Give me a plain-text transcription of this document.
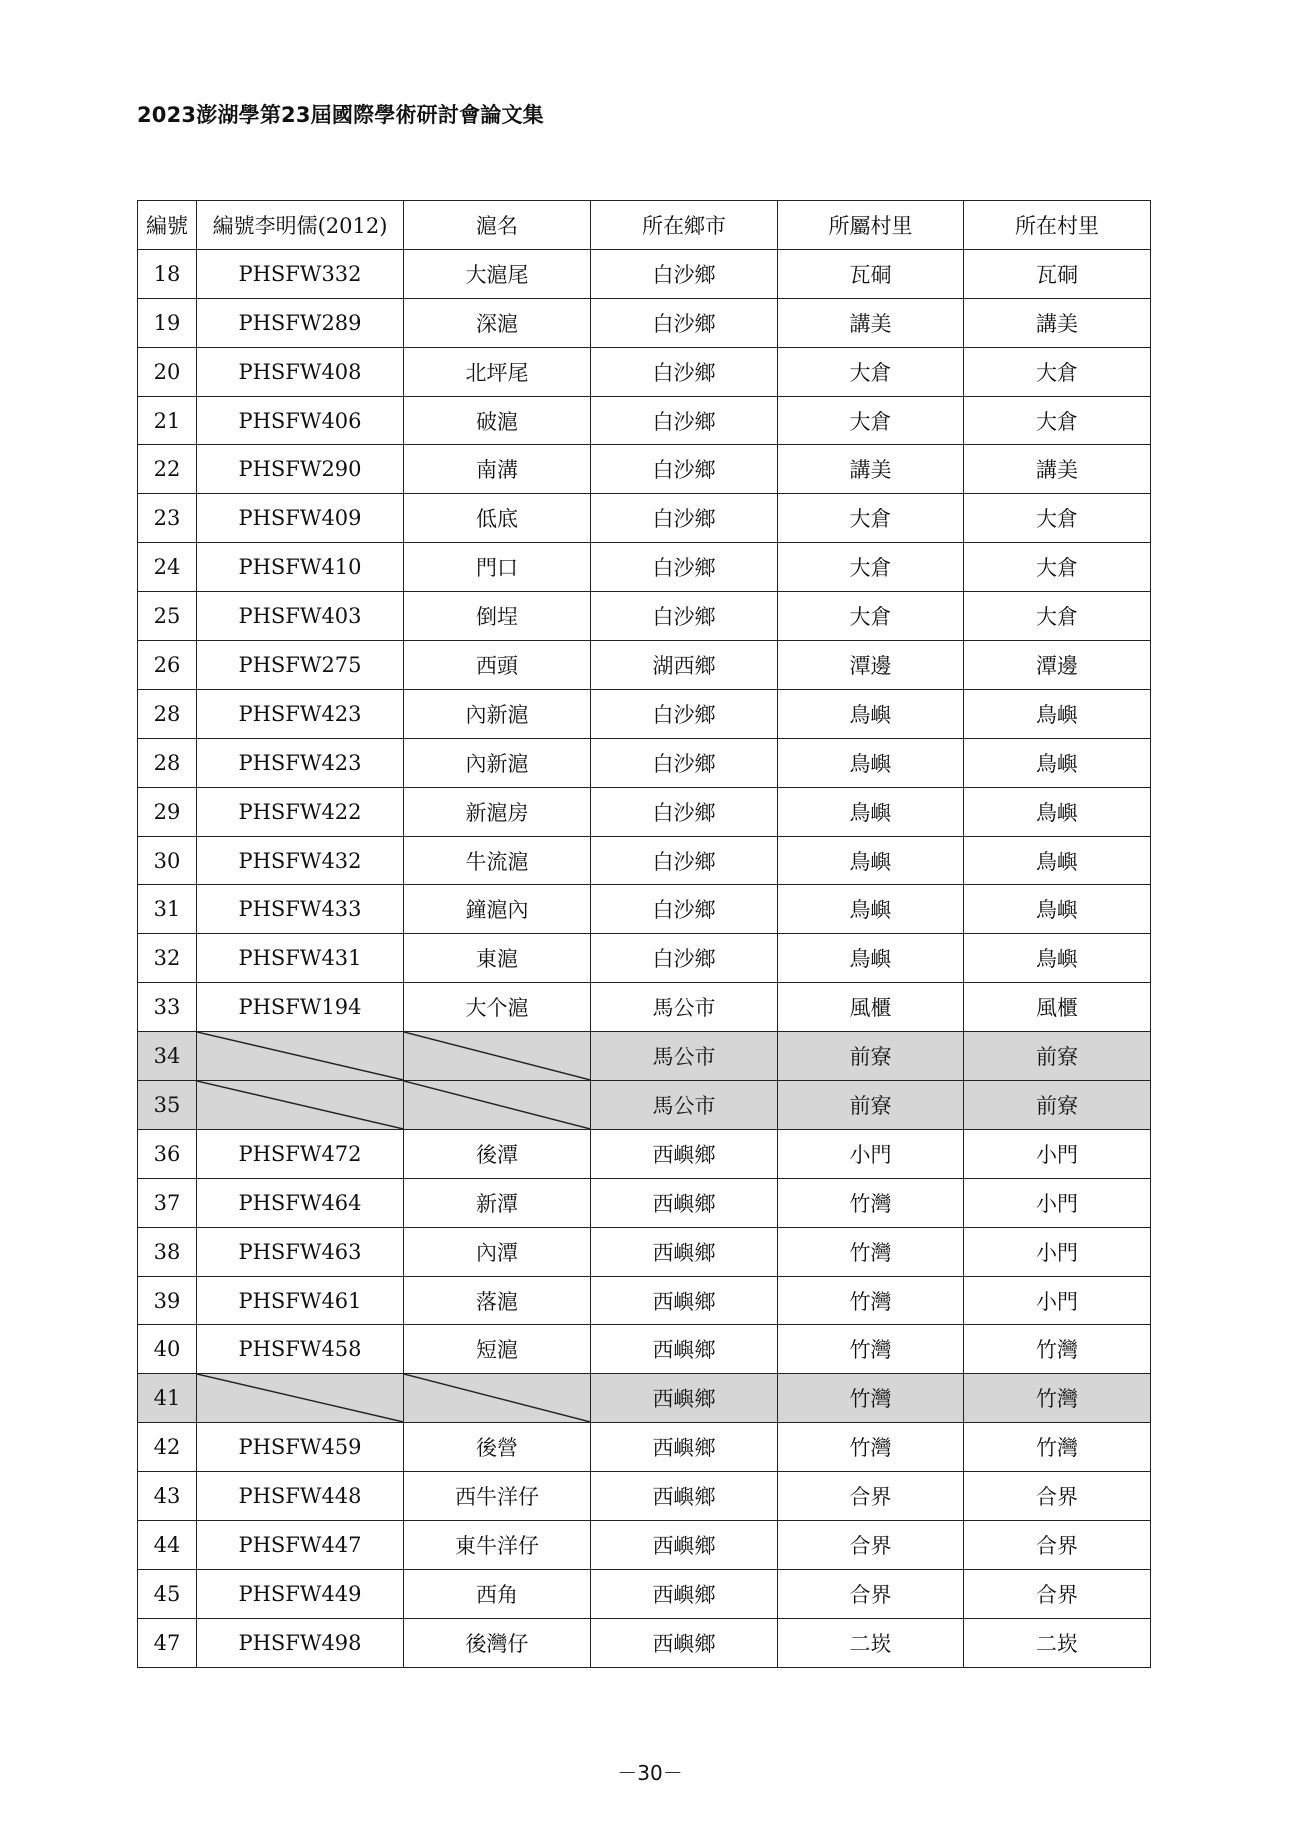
2023澎湖學第23屆國際學術研討會論文集
編號	編號李明儒(2012)	滬名	所在鄉市	所屬村里	所在村里
18	PHSFW332	大滬尾	白沙鄉	瓦硐	瓦硐
19	PHSFW289	深滬	白沙鄉	講美	講美
20	PHSFW408	北坪尾	白沙鄉	大倉	大倉
21	PHSFW406	破滬	白沙鄉	大倉	大倉
22	PHSFW290	南溝	白沙鄉	講美	講美
23	PHSFW409	低底	白沙鄉	大倉	大倉
24	PHSFW410	門口	白沙鄉	大倉	大倉
25	PHSFW403	倒埕	白沙鄉	大倉	大倉
26	PHSFW275	西頭	湖西鄉	潭邊	潭邊
28	PHSFW423	內新滬	白沙鄉	鳥嶼	鳥嶼
28	PHSFW423	內新滬	白沙鄉	鳥嶼	鳥嶼
29	PHSFW422	新滬房	白沙鄉	鳥嶼	鳥嶼
30	PHSFW432	牛流滬	白沙鄉	鳥嶼	鳥嶼
31	PHSFW433	鐘滬內	白沙鄉	鳥嶼	鳥嶼
32	PHSFW431	東滬	白沙鄉	鳥嶼	鳥嶼
33	PHSFW194	大个滬	馬公市	風櫃	風櫃
34			馬公市	前寮	前寮
35			馬公市	前寮	前寮
36	PHSFW472	後潭	西嶼鄉	小門	小門
37	PHSFW464	新潭	西嶼鄉	竹灣	小門
38	PHSFW463	內潭	西嶼鄉	竹灣	小門
39	PHSFW461	落滬	西嶼鄉	竹灣	小門
40	PHSFW458	短滬	西嶼鄉	竹灣	竹灣
41			西嶼鄉	竹灣	竹灣
42	PHSFW459	後營	西嶼鄉	竹灣	竹灣
43	PHSFW448	西牛洋仔	西嶼鄉	合界	合界
44	PHSFW447	東牛洋仔	西嶼鄉	合界	合界
45	PHSFW449	西角	西嶼鄉	合界	合界
47	PHSFW498	後灣仔	西嶼鄉	二崁	二崁
－30－
